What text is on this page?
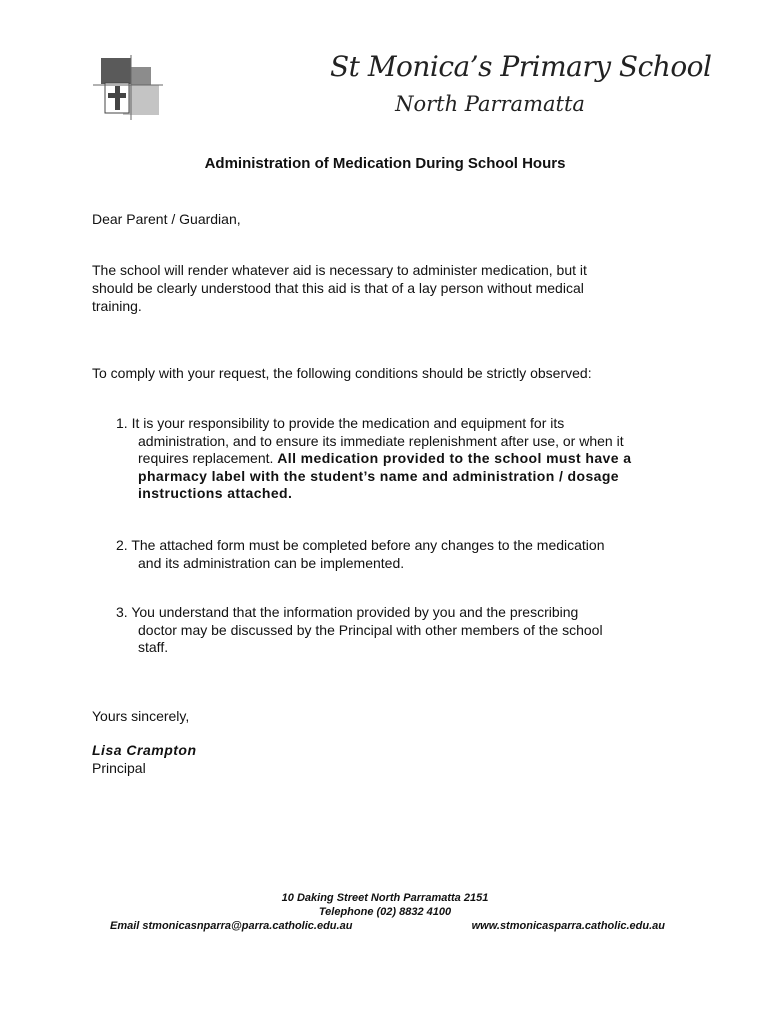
St Monica’s Primary School
North Parramatta
Administration of Medication During School Hours
Dear Parent / Guardian,
The school will render whatever aid is necessary to administer medication, but it
should be clearly understood that this aid is that of a lay person without medical
training.
To comply with your request, the following conditions should be strictly observed:
1. It is your responsibility to provide the medication and equipment for its
administration, and to ensure its immediate replenishment after use, or when it
requires replacement. All medication provided to the school must have a
pharmacy label with the student’s name and administration / dosage
instructions attached.
2. The attached form must be completed before any changes to the medication
and its administration can be implemented.
3. You understand that the information provided by you and the prescribing
doctor may be discussed by the Principal with other members of the school
staff.
Yours sincerely,
Lisa Crampton
Principal
10 Daking Street North Parramatta 2151
Telephone (02) 8832 4100
Email stmonicasnparra@parra.catholic.edu.au	www.stmonicasparra.catholic.edu.au
